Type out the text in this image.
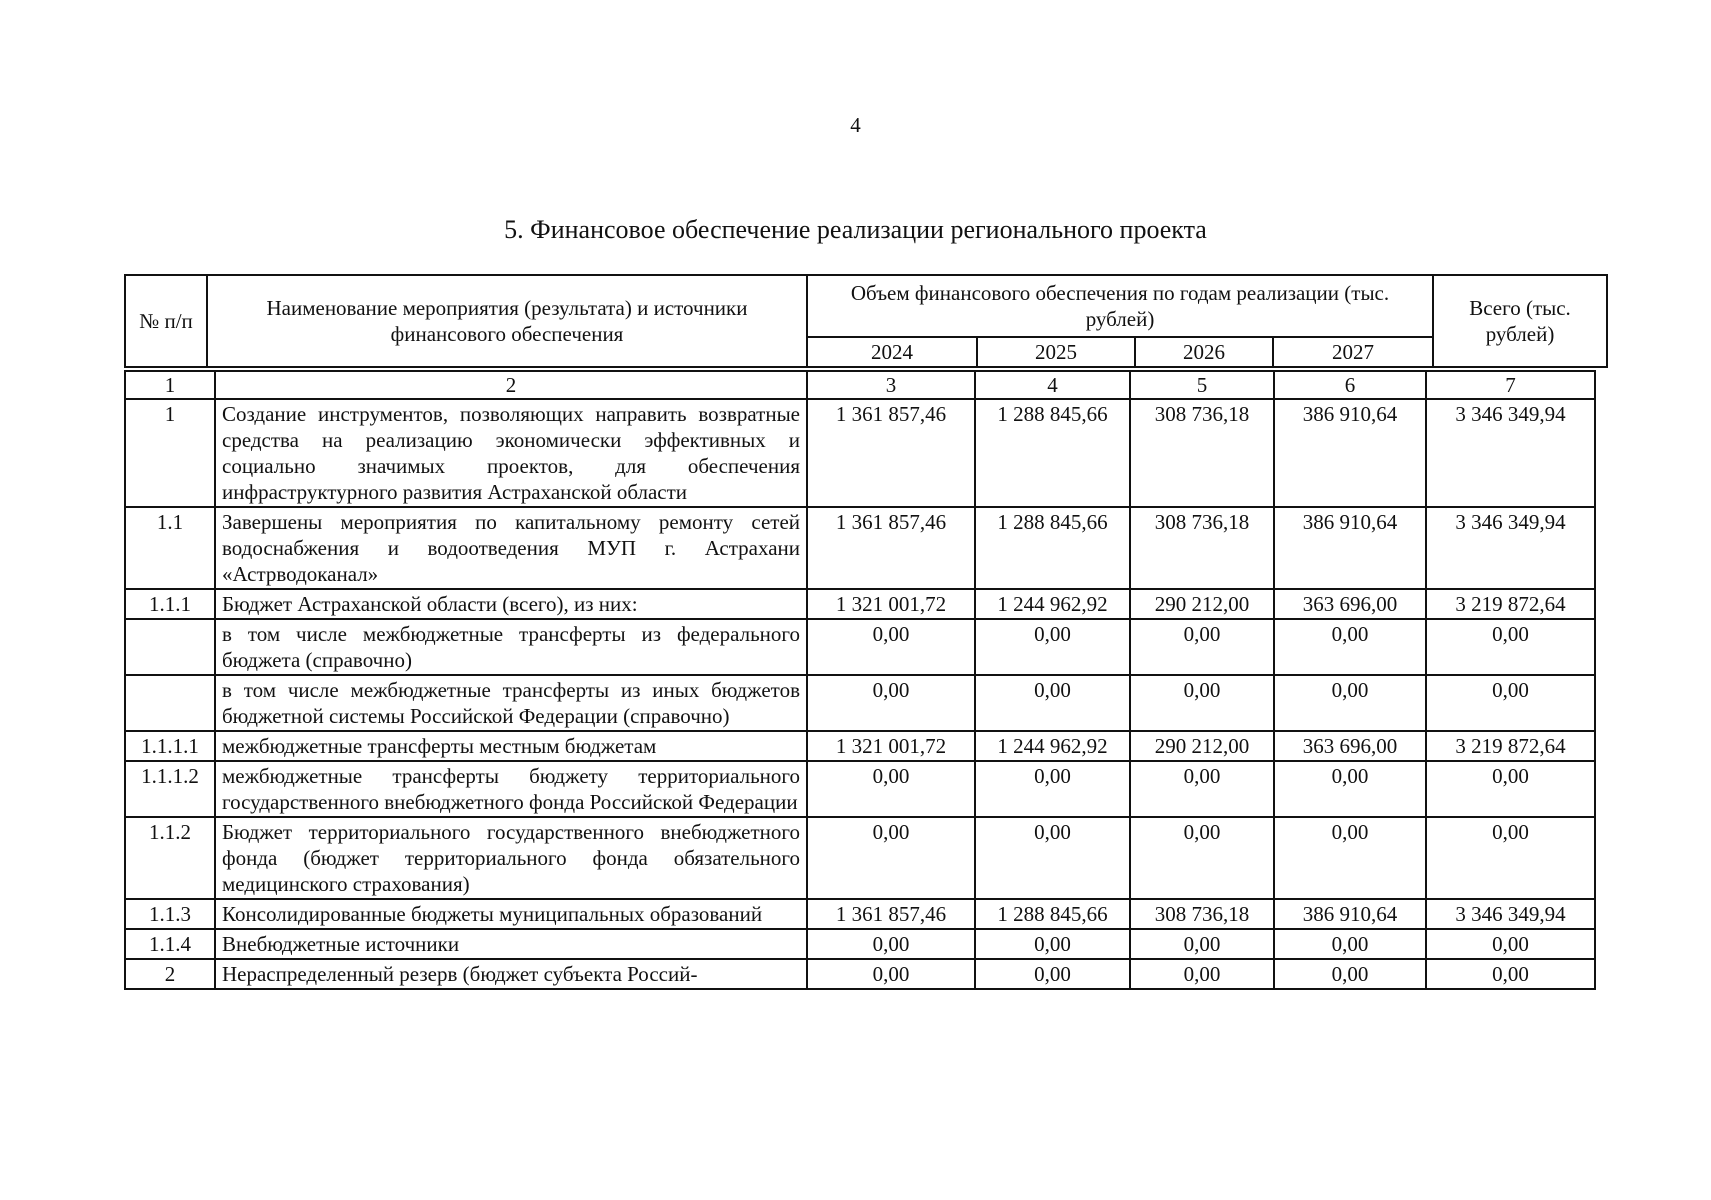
4
5. Финансовое обеспечение реализации регионального проекта
№ п/п	Наименование мероприятия (результата) и источники финансового обеспечения	Объем финансового обеспечения по годам реализации (тыс. рублей)				Всего (тыс. рублей)
		2024	2025	2026	2027	
1	2	3	4	5	6	7
1	Создание инструментов, позволяющих направить возвратные средства на реализацию экономически эффективных и социально значимых проектов, для обеспечения инфраструктурного развития Астраханской области	1 361 857,46	1 288 845,66	308 736,18	386 910,64	3 346 349,94
1.1	Завершены мероприятия по капитальному ремонту сетей водоснабжения и водоотведения МУП г. Астрахани «Астрводоканал»	1 361 857,46	1 288 845,66	308 736,18	386 910,64	3 346 349,94
1.1.1	Бюджет Астраханской области (всего), из них:	1 321 001,72	1 244 962,92	290 212,00	363 696,00	3 219 872,64
	в том числе межбюджетные трансферты из федерального бюджета (справочно)	0,00	0,00	0,00	0,00	0,00
	в том числе межбюджетные трансферты из иных бюджетов бюджетной системы Российской Федерации (справочно)	0,00	0,00	0,00	0,00	0,00
1.1.1.1	межбюджетные трансферты местным бюджетам	1 321 001,72	1 244 962,92	290 212,00	363 696,00	3 219 872,64
1.1.1.2	межбюджетные трансферты бюджету территориального государственного внебюджетного фонда Российской Федерации	0,00	0,00	0,00	0,00	0,00
1.1.2	Бюджет территориального государственного внебюджетного фонда (бюджет территориального фонда обязательного медицинского страхования)	0,00	0,00	0,00	0,00	0,00
1.1.3	Консолидированные бюджеты муниципальных образований	1 361 857,46	1 288 845,66	308 736,18	386 910,64	3 346 349,94
1.1.4	Внебюджетные источники	0,00	0,00	0,00	0,00	0,00
2	Нераспределенный резерв (бюджет субъекта Россий-	0,00	0,00	0,00	0,00	0,00
